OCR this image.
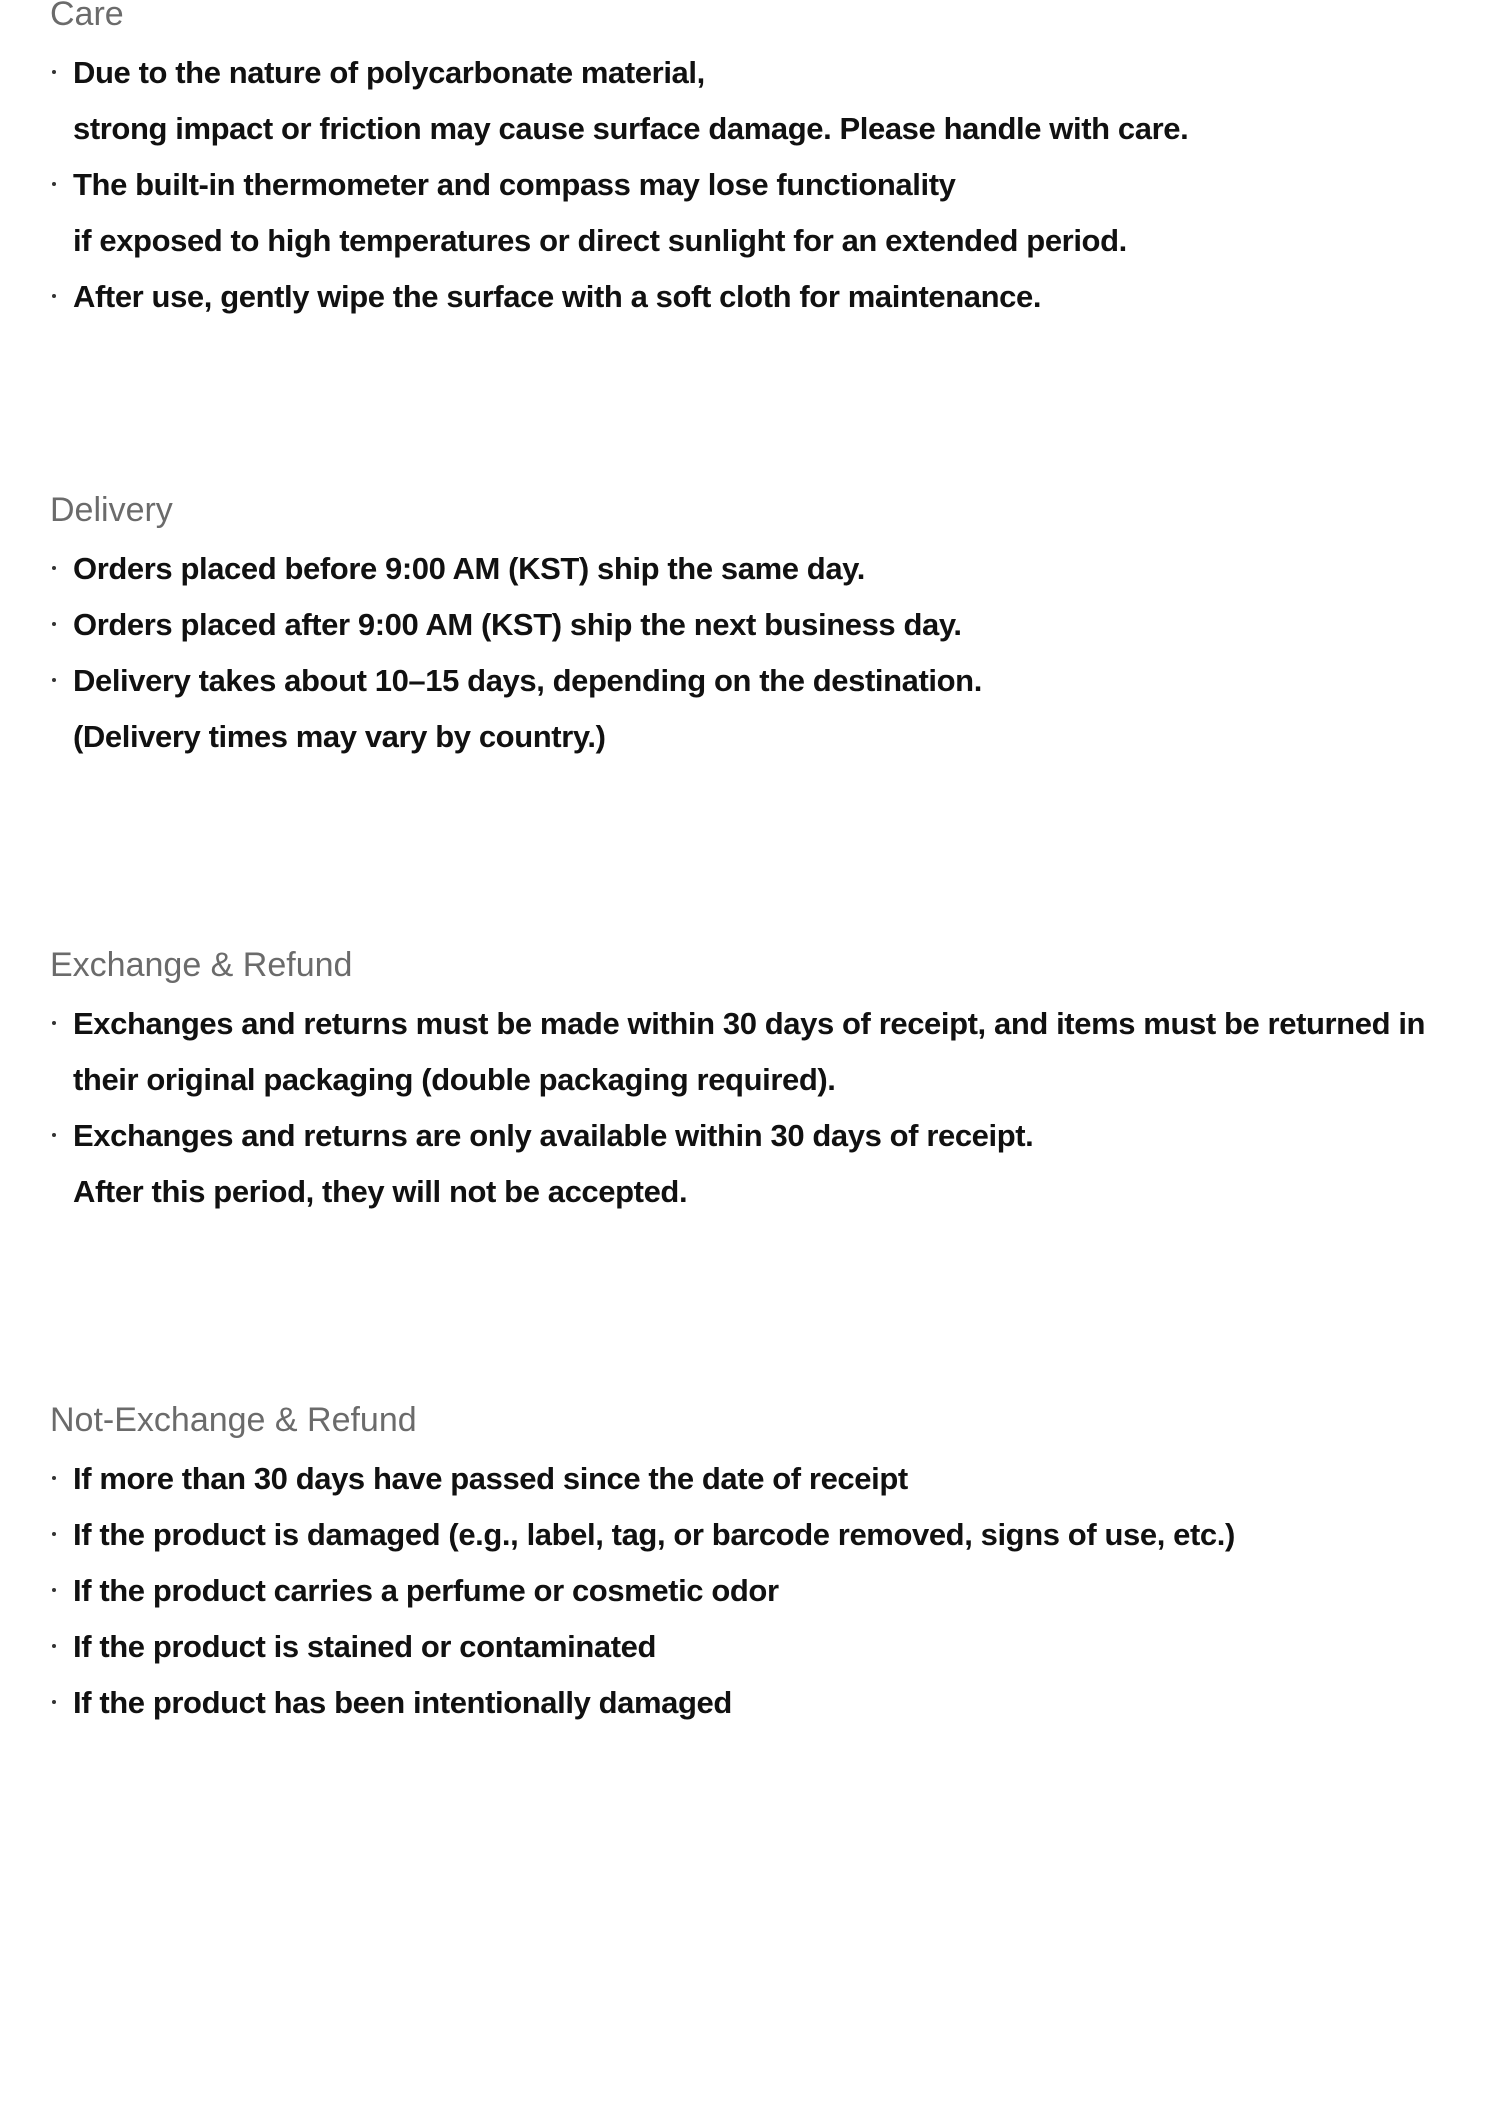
Care
Due to the nature of polycarbonate material,
strong impact or friction may cause surface damage. Please handle with care.
The built-in thermometer and compass may lose functionality
if exposed to high temperatures or direct sunlight for an extended period.
After use, gently wipe the surface with a soft cloth for maintenance.
Delivery
Orders placed before 9:00 AM (KST) ship the same day.
Orders placed after 9:00 AM (KST) ship the next business day.
Delivery takes about 10–15 days, depending on the destination.
(Delivery times may vary by country.)
Exchange & Refund
Exchanges and returns must be made within 30 days of receipt, and items must be returned in
their original packaging (double packaging required).
Exchanges and returns are only available within 30 days of receipt.
After this period, they will not be accepted.
Not-Exchange & Refund
If more than 30 days have passed since the date of receipt
If the product is damaged (e.g., label, tag, or barcode removed, signs of use, etc.)
If the product carries a perfume or cosmetic odor
If the product is stained or contaminated
If the product has been intentionally damaged
